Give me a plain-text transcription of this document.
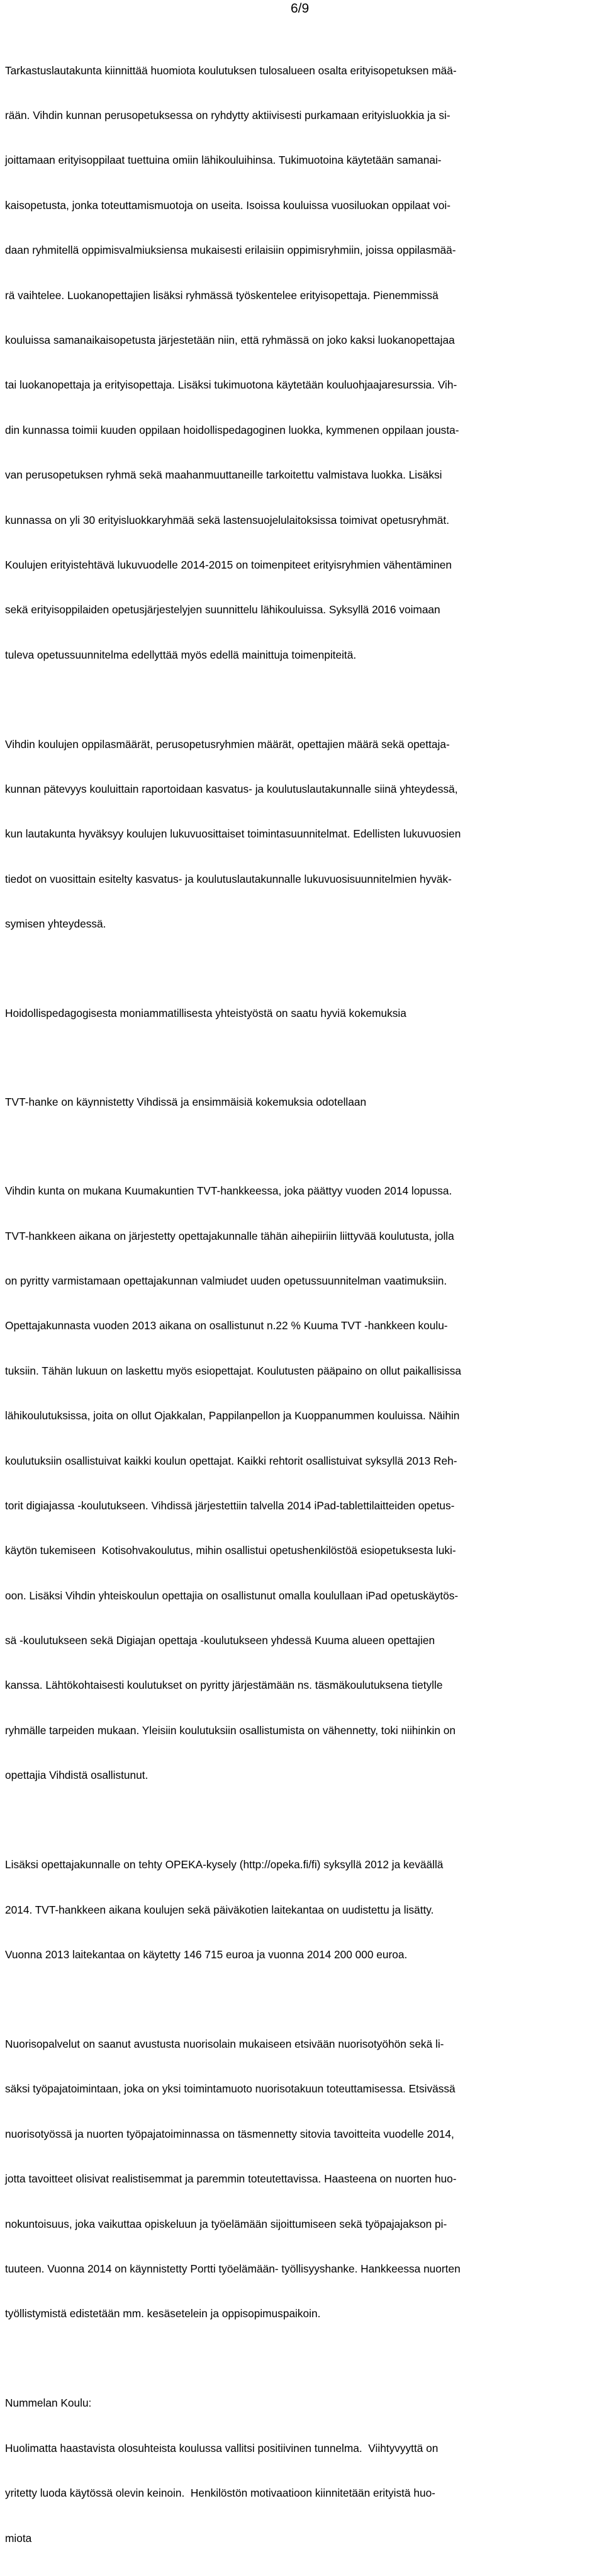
6/9

Tarkastuslautakunta kiinnittää huomiota koulutuksen tulosalueen osalta erityisopetuksen mää-

rään. Vihdin kunnan perusopetuksessa on ryhdytty aktiivisesti purkamaan erityisluokkia ja si-

joittamaan erityisoppilaat tuettuina omiin lähikouluihinsa. Tukimuotoina käytetään samanai-

kaisopetusta, jonka toteuttamismuotoja on useita. Isoissa kouluissa vuosiluokan oppilaat voi-

daan ryhmitellä oppimisvalmiuksiensa mukaisesti erilaisiin oppimisryhmiin, joissa oppilasmää-

rä vaihtelee. Luokanopettajien lisäksi ryhmässä työskentelee erityisopettaja. Pienemmissä

kouluissa samanaikaisopetusta järjestetään niin, että ryhmässä on joko kaksi luokanopettajaa

tai luokanopettaja ja erityisopettaja. Lisäksi tukimuotona käytetään kouluohjaajaresurssia. Vih-

din kunnassa toimii kuuden oppilaan hoidollispedagoginen luokka, kymmenen oppilaan jousta-

van perusopetuksen ryhmä sekä maahanmuuttaneille tarkoitettu valmistava luokka. Lisäksi

kunnassa on yli 30 erityisluokkaryhmää sekä lastensuojelulaitoksissa toimivat opetusryhmät.

Koulujen erityistehtävä lukuvuodelle 2014-2015 on toimenpiteet erityisryhmien vähentäminen

sekä erityisoppilaiden opetusjärjestelyjen suunnittelu lähikouluissa. Syksyllä 2016 voimaan

tuleva opetussuunnitelma edellyttää myös edellä mainittuja toimenpiteitä.

Vihdin koulujen oppilasmäärät, perusopetusryhmien määrät, opettajien määrä sekä opettaja-

kunnan pätevyys kouluittain raportoidaan kasvatus- ja koulutuslautakunnalle siinä yhteydessä,

kun lautakunta hyväksyy koulujen lukuvuosittaiset toimintasuunnitelmat. Edellisten lukuvuosien

tiedot on vuosittain esitelty kasvatus- ja koulutuslautakunnalle lukuvuosisuunnitelmien hyväk-

symisen yhteydessä.

Hoidollispedagogisesta moniammatillisesta yhteistyöstä on saatu hyviä kokemuksia

TVT-hanke on käynnistetty Vihdissä ja ensimmäisiä kokemuksia odotellaan

Vihdin kunta on mukana Kuumakuntien TVT-hankkeessa, joka päättyy vuoden 2014 lopussa.

TVT-hankkeen aikana on järjestetty opettajakunnalle tähän aihepiiriin liittyvää koulutusta, jolla

on pyritty varmistamaan opettajakunnan valmiudet uuden opetussuunnitelman vaatimuksiin.

Opettajakunnasta vuoden 2013 aikana on osallistunut n.22 % Kuuma TVT -hankkeen koulu-

tuksiin. Tähän lukuun on laskettu myös esiopettajat. Koulutusten pääpaino on ollut paikallisissa

lähikoulutuksissa, joita on ollut Ojakkalan, Pappilanpellon ja Kuoppanummen kouluissa. Näihin

koulutuksiin osallistuivat kaikki koulun opettajat. Kaikki rehtorit osallistuivat syksyllä 2013 Reh-

torit digiajassa -koulutukseen. Vihdissä järjestettiin talvella 2014 iPad-tablettilaitteiden opetus-

käytön tukemiseen  Kotisohvakoulutus, mihin osallistui opetushenkilöstöä esiopetuksesta luki-

oon. Lisäksi Vihdin yhteiskoulun opettajia on osallistunut omalla koulullaan iPad opetuskäytös-

sä -koulutukseen sekä Digiajan opettaja -koulutukseen yhdessä Kuuma alueen opettajien

kanssa. Lähtökohtaisesti koulutukset on pyritty järjestämään ns. täsmäkoulutuksena tietylle

ryhmälle tarpeiden mukaan. Yleisiin koulutuksiin osallistumista on vähennetty, toki niihinkin on

opettajia Vihdistä osallistunut.

Lisäksi opettajakunnalle on tehty OPEKA-kysely (http://opeka.fi/fi) syksyllä 2012 ja keväällä

2014. TVT-hankkeen aikana koulujen sekä päiväkotien laitekantaa on uudistettu ja lisätty.

Vuonna 2013 laitekantaa on käytetty 146 715 euroa ja vuonna 2014 200 000 euroa.

Nuorisopalvelut on saanut avustusta nuorisolain mukaiseen etsivään nuorisotyöhön sekä li-

säksi työpajatoimintaan, joka on yksi toimintamuoto nuorisotakuun toteuttamisessa. Etsivässä

nuorisotyössä ja nuorten työpajatoiminnassa on täsmennetty sitovia tavoitteita vuodelle 2014,

jotta tavoitteet olisivat realistisemmat ja paremmin toteutettavissa. Haasteena on nuorten huo-

nokuntoisuus, joka vaikuttaa opiskeluun ja työelämään sijoittumiseen sekä työpajajakson pi-

tuuteen. Vuonna 2014 on käynnistetty Portti työelämään- työllisyyshanke. Hankkeessa nuorten

työllistymistä edistetään mm. kesäsetelein ja oppisopimuspaikoin.

Nummelan Koulu:

Huolimatta haastavista olosuhteista koulussa vallitsi positiivinen tunnelma.  Viihtyvyyttä on

yritetty luoda käytössä olevin keinoin.  Henkilöstön motivaatioon kiinnitetään erityistä huo-

miota
